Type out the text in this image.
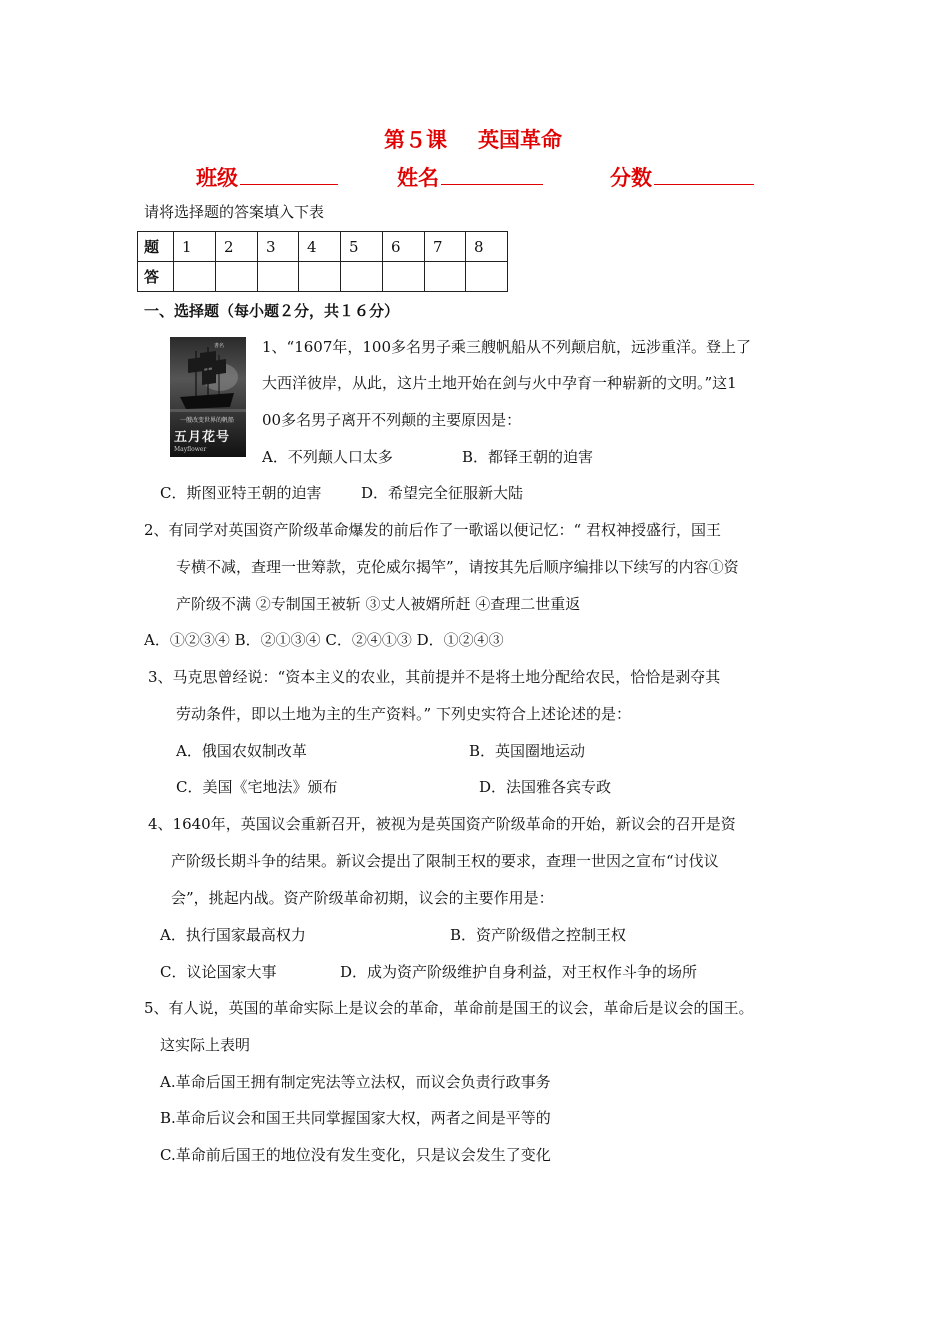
第５课 英国革命
班级	姓名	分数
请将选择题的答案填入下表
题	1	2	3	4	5	6	7	8
答								
一、选择题（每小题２分，共１６分）
書名
一艘改变世界的帆船
五月花号
Mayflower
1、“1607年，100多名男子乘三艘帆船从不列颠启航，远涉重洋。登上了
大西洋彼岸，从此，这片土地开始在剑与火中孕育一种崭新的文明。”这1
00多名男子离开不列颠的主要原因是：
A．不列颠人口太多	B．都铎王朝的迫害
C．斯图亚特王朝的迫害	D．希望完全征服新大陆
2、有同学对英国资产阶级革命爆发的前后作了一歌谣以便记忆：“ 君权神授盛行，国王
专横不减，查理一世筹款，克伦威尔揭竿”，请按其先后顺序编排以下续写的内容①资
产阶级不满 ②专制国王被斩 ③丈人被婿所赶 ④查理二世重返
A．①②③④ B．②①③④ C．②④①③ D．①②④③
3、马克思曾经说：“资本主义的农业，其前提并不是将土地分配给农民，恰恰是剥夺其
劳动条件，即以土地为主的生产资料。” 下列史实符合上述论述的是：
A．俄国农奴制改革	B．英国圈地运动
C．美国《宅地法》颁布	D．法国雅各宾专政
4、1640年，英国议会重新召开，被视为是英国资产阶级革命的开始，新议会的召开是资
产阶级长期斗争的结果。新议会提出了限制王权的要求，查理一世因之宣布“讨伐议
会”，挑起内战。资产阶级革命初期，议会的主要作用是：
A．执行国家最高权力	B．资产阶级借之控制王权
C．议论国家大事	D．成为资产阶级维护自身利益，对王权作斗争的场所
5、有人说，英国的革命实际上是议会的革命，革命前是国王的议会，革命后是议会的国王。
这实际上表明
A.革命后国王拥有制定宪法等立法权，而议会负责行政事务
B.革命后议会和国王共同掌握国家大权，两者之间是平等的
C.革命前后国王的地位没有发生变化，只是议会发生了变化
